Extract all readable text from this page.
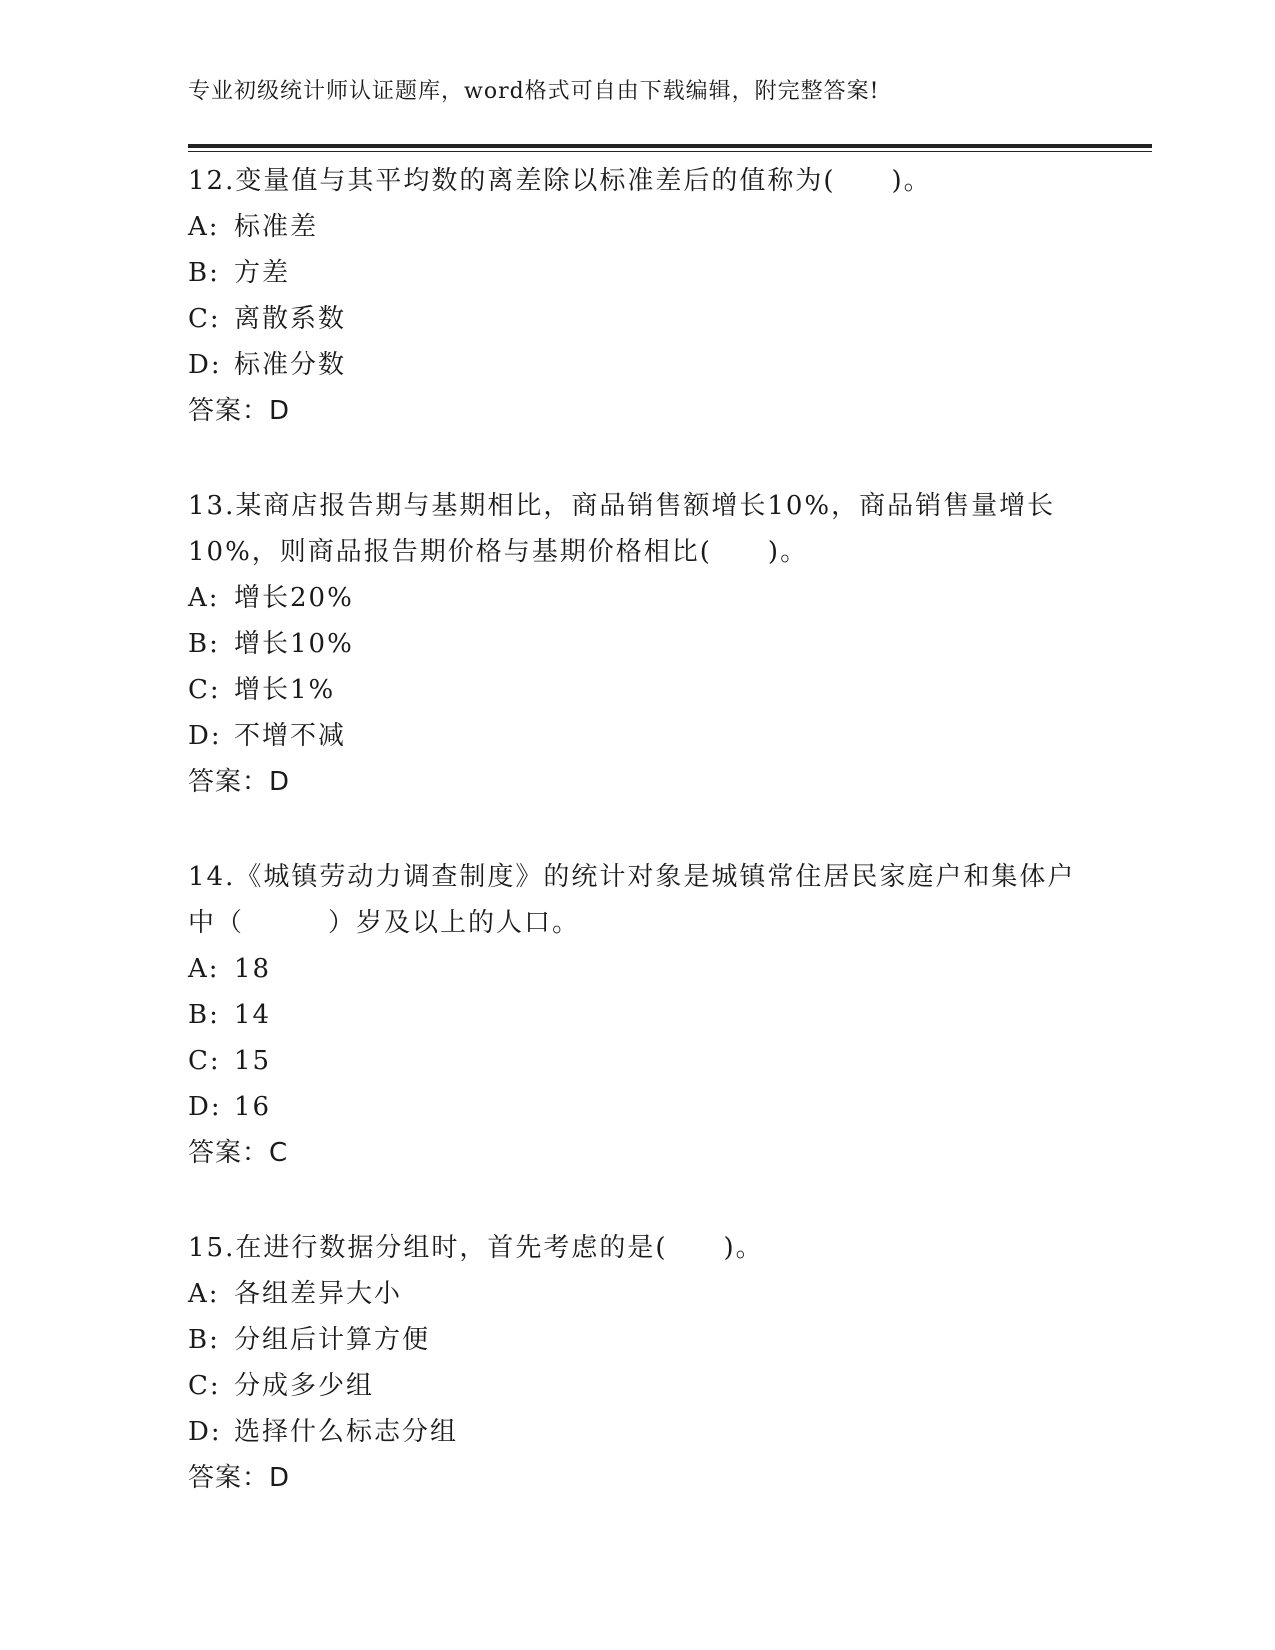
专业初级统计师认证题库，word格式可自由下载编辑，附完整答案!

12.变量值与其平均数的离差除以标准差后的值称为(　　)。

A: 标准差
B: 方差
C: 离散系数
D: 标准分数

答案：D

13.某商店报告期与基期相比，商品销售额增长10%，商品销售量增长10%，则商品报告期价格与基期价格相比(　　)。

A: 增长20%
B: 增长10%
C: 增长1%
D: 不增不减

答案：D

14.《城镇劳动力调查制度》的统计对象是城镇常住居民家庭户和集体户中（　　　）岁及以上的人口。

A: 18
B: 14
C: 15
D: 16

答案：C

15.在进行数据分组时，首先考虑的是(　　)。

A: 各组差异大小
B: 分组后计算方便
C: 分成多少组
D: 选择什么标志分组

答案：D
